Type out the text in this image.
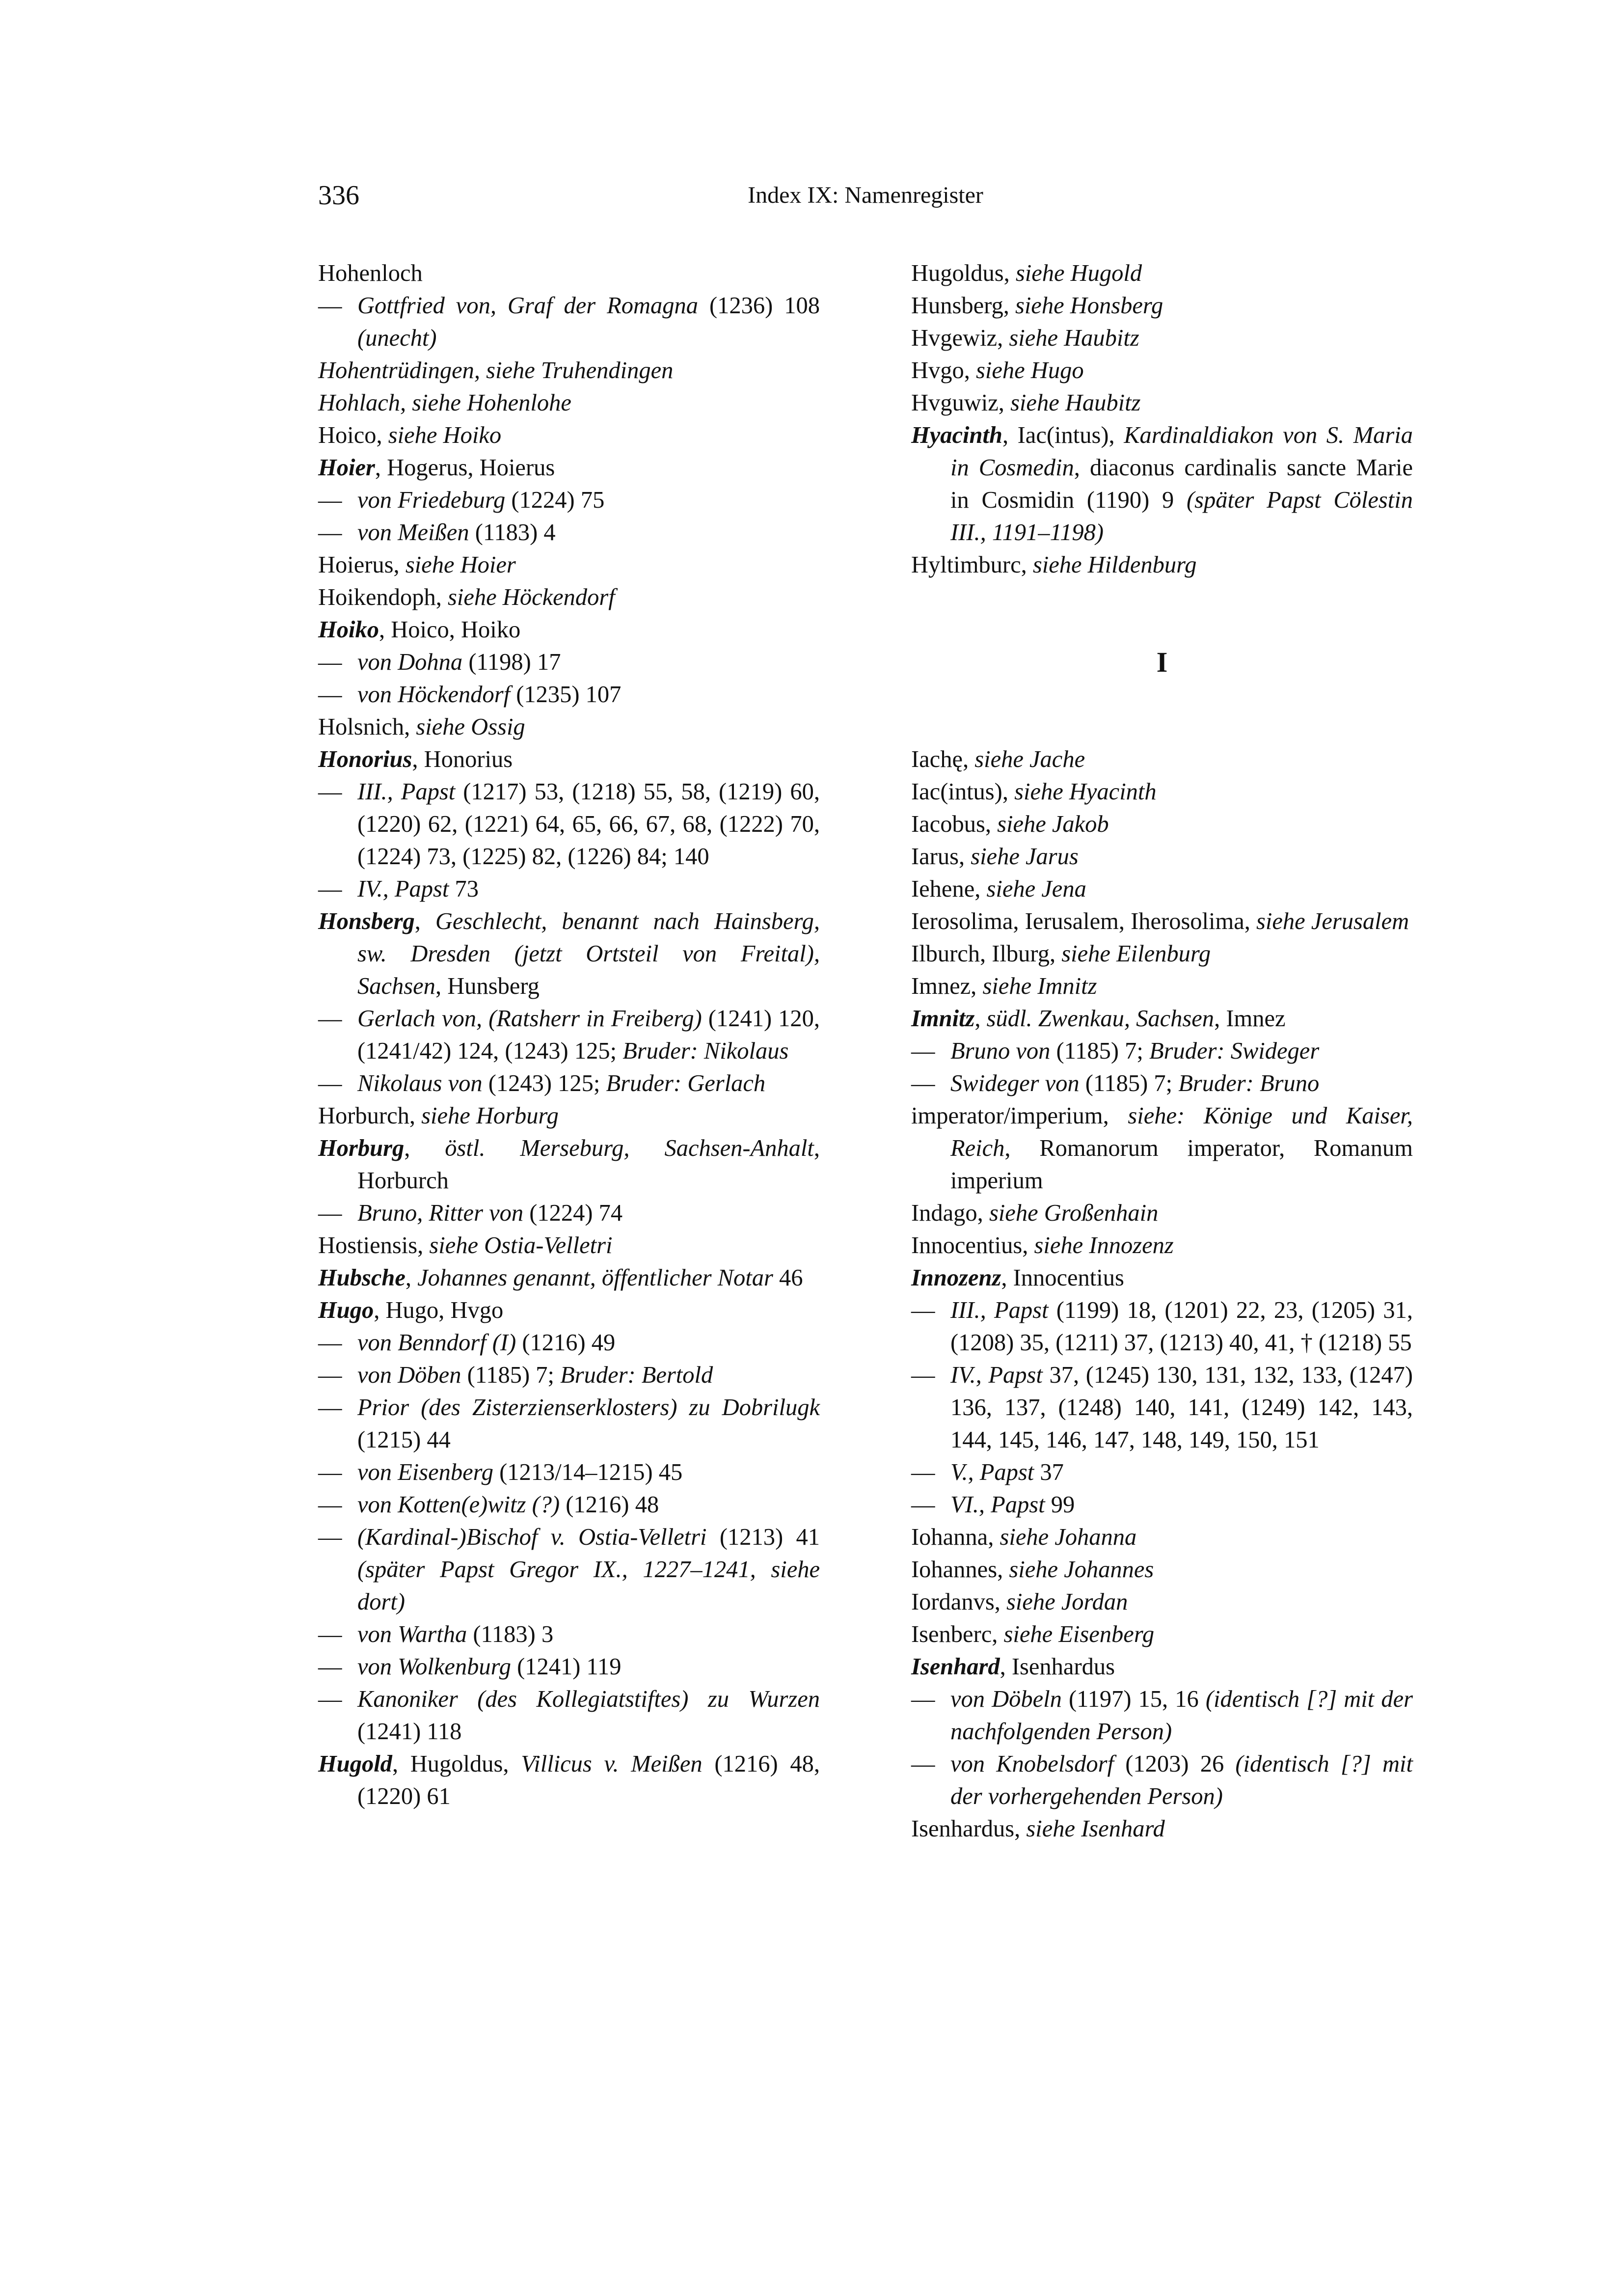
336	Index IX: Namenregister

Hohenloch

— Gottfried von, Graf der Romagna (1236) 108 (unecht)

Hohentrüdingen, siehe Truhendingen

Hohlach, siehe Hohenlohe

Hoico, siehe Hoiko

Hoier, Hogerus, Hoierus

— von Friedeburg (1224) 75

— von Meißen (1183) 4

Hoierus, siehe Hoier

Hoikendoph, siehe Höckendorf

Hoiko, Hoico, Hoiko

— von Dohna (1198) 17

— von Höckendorf (1235) 107

Holsnich, siehe Ossig

Honorius, Honorius

— III., Papst (1217) 53, (1218) 55, 58, (1219) 60, (1220) 62, (1221) 64, 65, 66, 67, 68, (1222) 70, (1224) 73, (1225) 82, (1226) 84; 140

— IV., Papst 73

Honsberg, Geschlecht, benannt nach Hainsberg, sw. Dresden (jetzt Ortsteil von Freital), Sachsen, Hunsberg

— Gerlach von, (Ratsherr in Freiberg) (1241) 120, (1241/42) 124, (1243) 125; Bruder: Nikolaus

— Nikolaus von (1243) 125; Bruder: Gerlach

Horburch, siehe Horburg

Horburg, östl. Merseburg, Sachsen-Anhalt, Horburch

— Bruno, Ritter von (1224) 74

Hostiensis, siehe Ostia-Velletri

Hubsche, Johannes genannt, öffentlicher Notar 46

Hugo, Hugo, Hvgo

— von Benndorf (I) (1216) 49

— von Döben (1185) 7; Bruder: Bertold

— Prior (des Zisterzienserklosters) zu Dobrilugk (1215) 44

— von Eisenberg (1213/14–1215) 45

— von Kotten(e)witz (?) (1216) 48

— (Kardinal-)Bischof v. Ostia-Velletri (1213) 41 (später Papst Gregor IX., 1227–1241, siehe dort)

— von Wartha (1183) 3

— von Wolkenburg (1241) 119

— Kanoniker (des Kollegiatstiftes) zu Wurzen (1241) 118

Hugold, Hugoldus, Villicus v. Meißen (1216) 48, (1220) 61

Hugoldus, siehe Hugold

Hunsberg, siehe Honsberg

Hvgewiz, siehe Haubitz

Hvgo, siehe Hugo

Hvguwiz, siehe Haubitz

Hyacinth, Iac(intus), Kardinaldiakon von S. Maria in Cosmedin, diaconus cardinalis sancte Marie in Cosmidin (1190) 9 (später Papst Cölestin III., 1191–1198)

Hyltimburc, siehe Hildenburg

I

Iachę, siehe Jache

Iac(intus), siehe Hyacinth

Iacobus, siehe Jakob

Iarus, siehe Jarus

Iehene, siehe Jena

Ierosolima, Ierusalem, Iherosolima, siehe Jerusalem

Ilburch, Ilburg, siehe Eilenburg

Imnez, siehe Imnitz

Imnitz, südl. Zwenkau, Sachsen, Imnez

— Bruno von (1185) 7; Bruder: Swideger

— Swideger von (1185) 7; Bruder: Bruno

imperator/imperium, siehe: Könige und Kaiser, Reich, Romanorum imperator, Romanum imperium

Indago, siehe Großenhain

Innocentius, siehe Innozenz

Innozenz, Innocentius

— III., Papst (1199) 18, (1201) 22, 23, (1205) 31, (1208) 35, (1211) 37, (1213) 40, 41, † (1218) 55

— IV., Papst 37, (1245) 130, 131, 132, 133, (1247) 136, 137, (1248) 140, 141, (1249) 142, 143, 144, 145, 146, 147, 148, 149, 150, 151

— V., Papst 37

— VI., Papst 99

Iohanna, siehe Johanna

Iohannes, siehe Johannes

Iordanvs, siehe Jordan

Isenberc, siehe Eisenberg

Isenhard, Isenhardus

— von Döbeln (1197) 15, 16 (identisch [?] mit der nachfolgenden Person)

— von Knobelsdorf (1203) 26 (identisch [?] mit der vorhergehenden Person)

Isenhardus, siehe Isenhard
